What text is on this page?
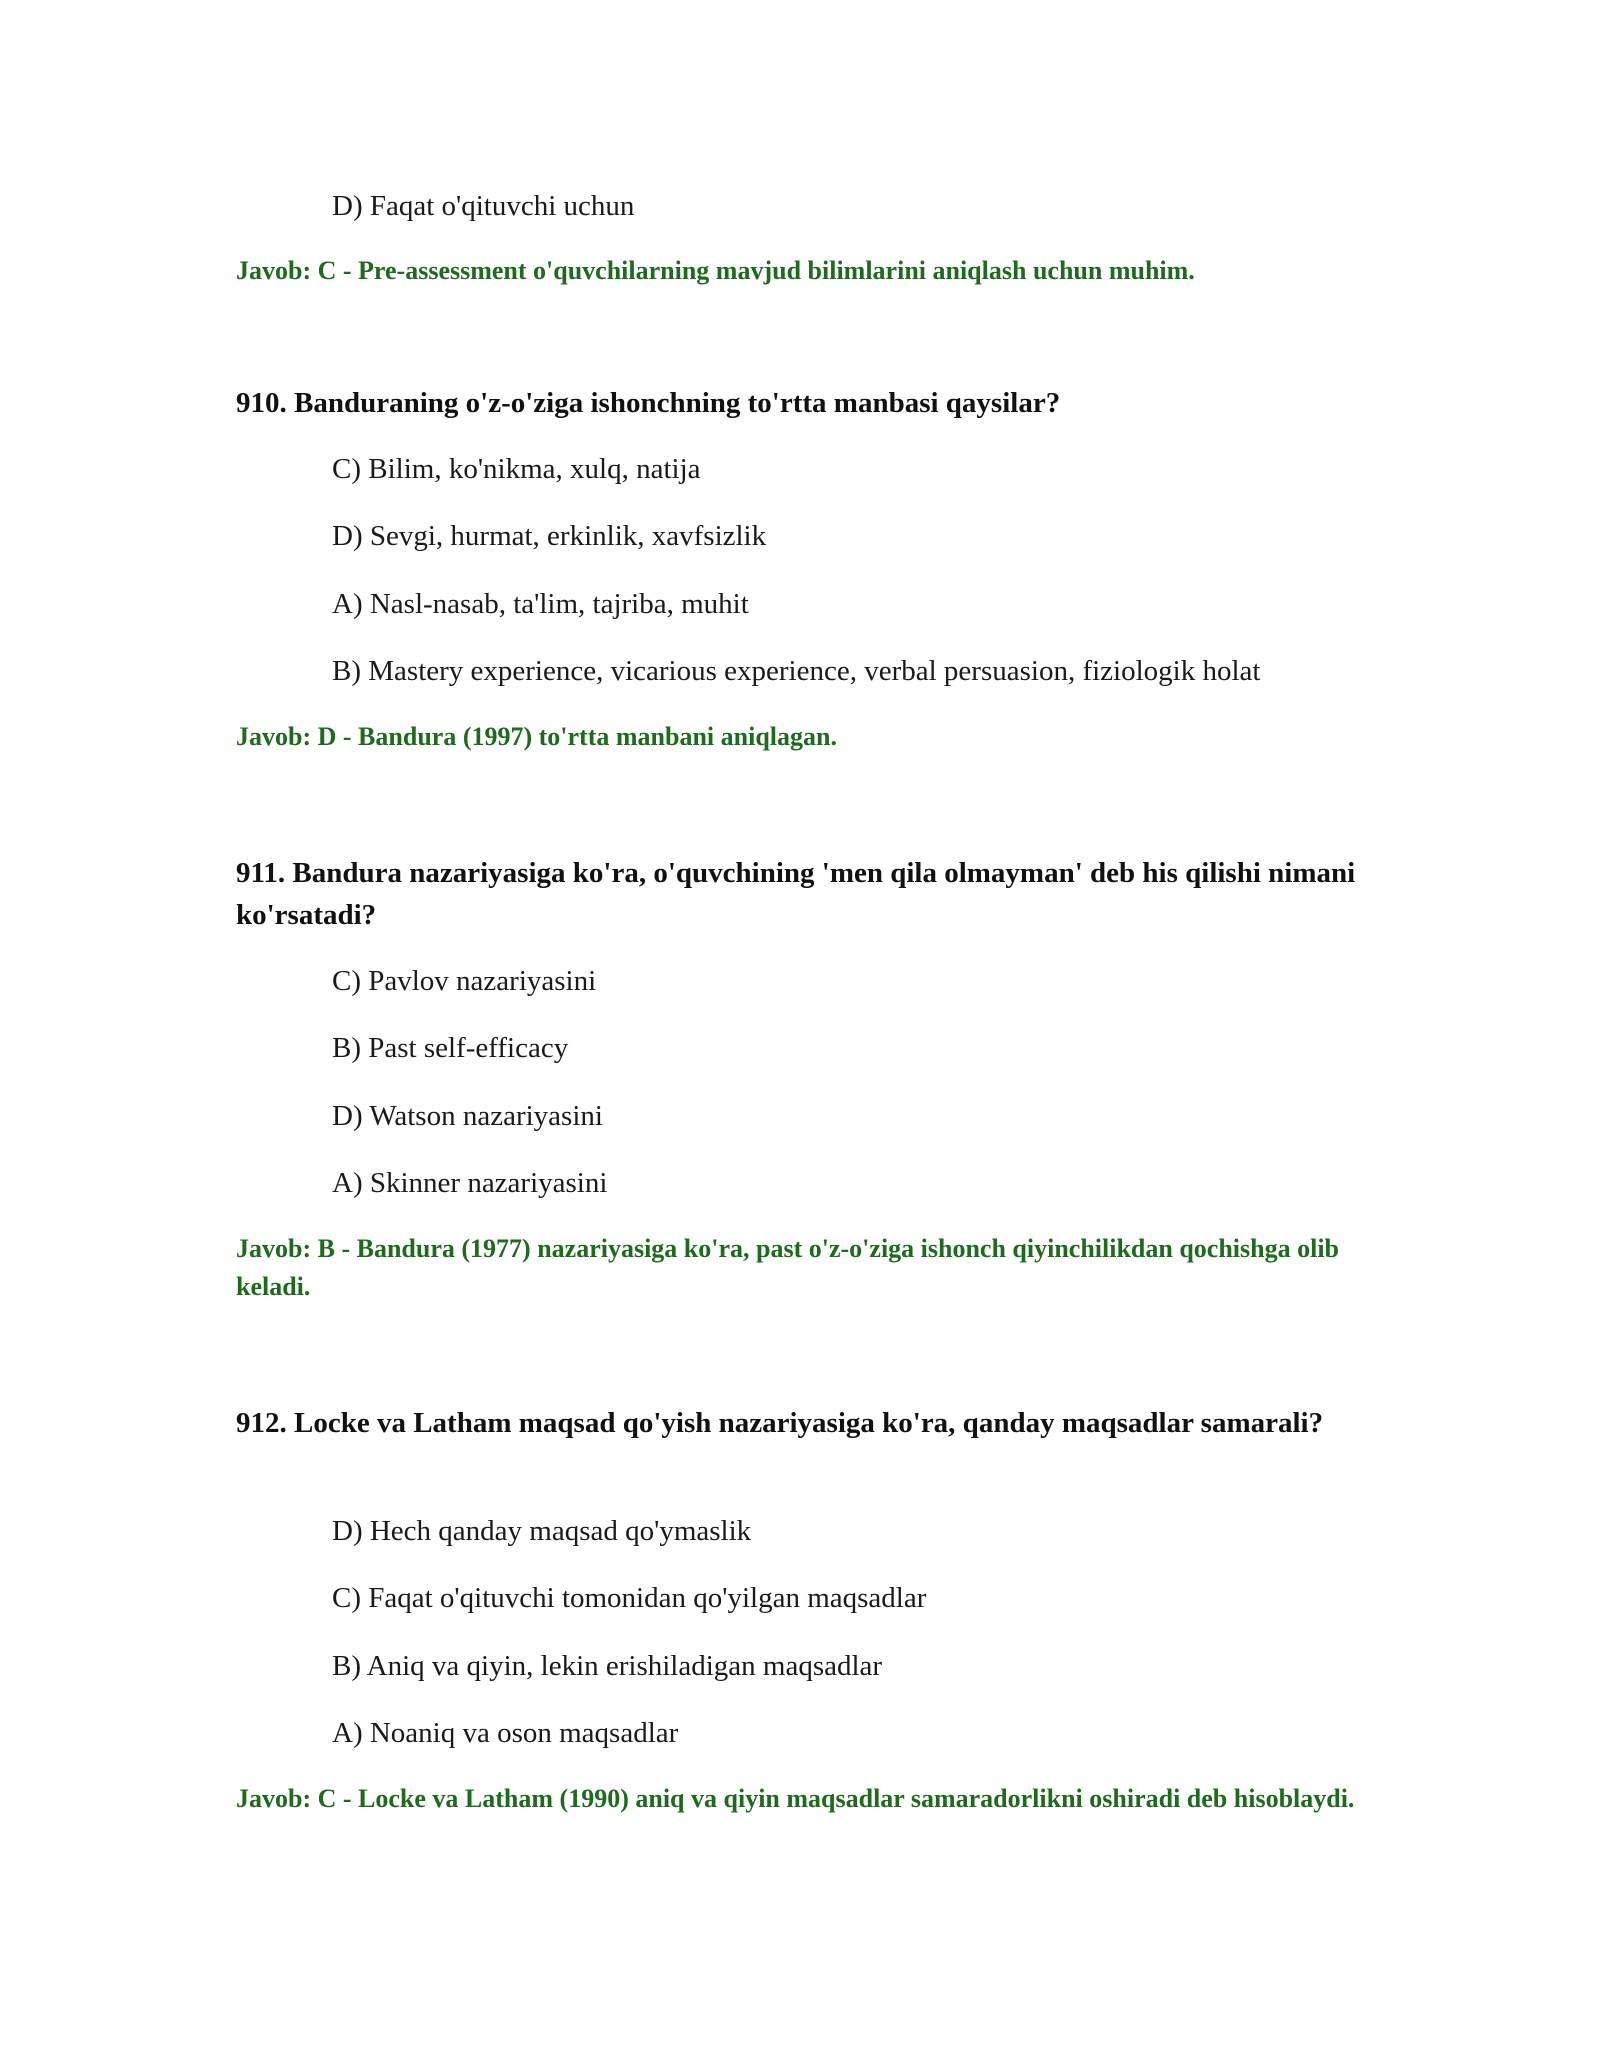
D) Faqat o'qituvchi uchun
Javob: C - Pre-assessment o'quvchilarning mavjud bilimlarini aniqlash uchun muhim.
910. Banduraning o'z-o'ziga ishonchning to'rtta manbasi qaysilar?
C) Bilim, ko'nikma, xulq, natija
D) Sevgi, hurmat, erkinlik, xavfsizlik
A) Nasl-nasab, ta'lim, tajriba, muhit
B) Mastery experience, vicarious experience, verbal persuasion, fiziologik holat
Javob: D - Bandura (1997) to'rtta manbani aniqlagan.
911. Bandura nazariyasiga ko'ra, o'quvchining 'men qila olmayman' deb his qilishi nimani ko'rsatadi?
C) Pavlov nazariyasini
B) Past self-efficacy
D) Watson nazariyasini
A) Skinner nazariyasini
Javob: B - Bandura (1977) nazariyasiga ko'ra, past o'z-o'ziga ishonch qiyinchilikdan qochishga olib keladi.
912. Locke va Latham maqsad qo'yish nazariyasiga ko'ra, qanday maqsadlar samarali?
D) Hech qanday maqsad qo'ymaslik
C) Faqat o'qituvchi tomonidan qo'yilgan maqsadlar
B) Aniq va qiyin, lekin erishiladigan maqsadlar
A) Noaniq va oson maqsadlar
Javob: C - Locke va Latham (1990) aniq va qiyin maqsadlar samaradorlikni oshiradi deb hisoblaydi.
